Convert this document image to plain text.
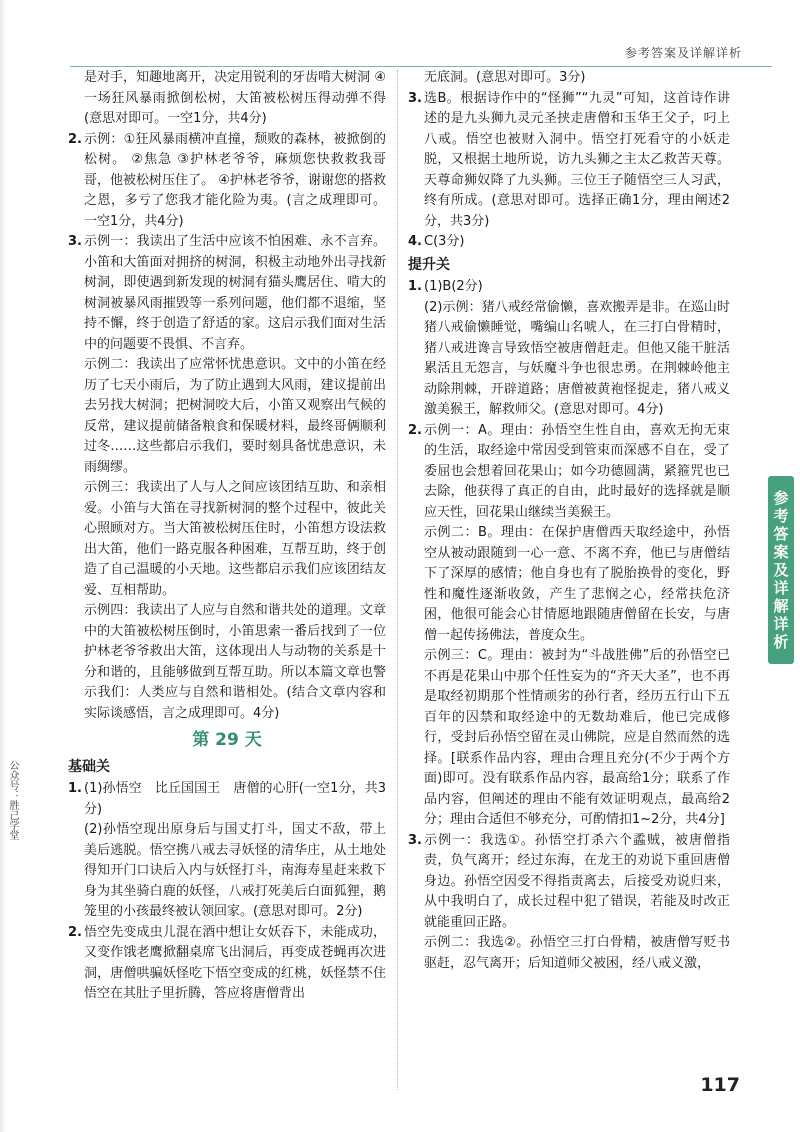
参考答案及详解详析
参
考
答
案
及
详
解
详
析
公众号：胜己学堂

是对手，知趣地离开，决定用锐利的牙齿啃大树洞 ④一场狂风暴雨掀倒松树，大笛被松树压得动弹不得(意思对即可。一空1分，共4分)

2. 示例：①狂风暴雨横冲直撞，颓败的森林，被掀倒的松树。 ②焦急 ③护林老爷爷，麻烦您快救救我哥哥，他被松树压住了。 ④护林老爷爷，谢谢您的搭救之恩，多亏了您我才能化险为夷。(言之成理即可。一空1分，共4分)

3. 示例一：我读出了生活中应该不怕困难、永不言弃。小笛和大笛面对拥挤的树洞，积极主动地外出寻找新树洞，即使遇到新发现的树洞有猫头鹰居住、啃大的树洞被暴风雨摧毁等一系列问题，他们都不退缩，坚持不懈，终于创造了舒适的家。这启示我们面对生活中的问题要不畏惧、不言弃。

示例二：我读出了应常怀忧患意识。文中的小笛在经历了七天小雨后，为了防止遇到大风雨，建议提前出去另找大树洞；把树洞咬大后，小笛又观察出气候的反常，建议提前储备粮食和保暖材料，最终哥俩顺利过冬……这些都启示我们，要时刻具备忧患意识，未雨绸缪。

示例三：我读出了人与人之间应该团结互助、和亲相爱。小笛与大笛在寻找新树洞的整个过程中，彼此关心照顾对方。当大笛被松树压住时，小笛想方设法救出大笛，他们一路克服各种困难，互帮互助，终于创造了自己温暖的小天地。这些都启示我们应该团结友爱、互相帮助。

示例四：我读出了人应与自然和谐共处的道理。文章中的大笛被松树压倒时，小笛思索一番后找到了一位护林老爷爷救出大笛，这体现出人与动物的关系是十分和谐的，且能够做到互帮互助。所以本篇文章也警示我们：人类应与自然和谐相处。(结合文章内容和实际谈感悟，言之成理即可。4分)

第 29 天
基础关
1. (1)孙悟空　比丘国国王　唐僧的心肝(一空1分，共3分)

(2)孙悟空现出原身后与国丈打斗，国丈不敌，带上美后逃脱。悟空携八戒去寻妖怪的清华庄，从土地处得知开门口诀后入内与妖怪打斗，南海寿星赶来救下身为其坐骑白鹿的妖怪，八戒打死美后白面狐狸，鹅笼里的小孩最终被认领回家。(意思对即可。2分)

2. 悟空先变成虫儿混在酒中想让女妖吞下，未能成功，又变作饿老鹰掀翻桌席飞出洞后，再变成苍蝇再次进洞，唐僧哄骗妖怪吃下悟空变成的红桃，妖怪禁不住悟空在其肚子里折腾，答应将唐僧背出

无底洞。(意思对即可。3分)

3. 选B。根据诗作中的“怪狮”“九灵”可知，这首诗作讲述的是九头狮九灵元圣挟走唐僧和玉华王父子，叼上八戒。悟空也被财入洞中。悟空打死看守的小妖走脱，又根据土地所说，访九头狮之主太乙救苦天尊。天尊命狮奴降了九头狮。三位王子随悟空三人习武，终有所成。(意思对即可。选择正确1分，理由阐述2分，共3分)

4. C(3分)

提升关
1. (1)B(2分)

(2)示例：猪八戒经常偷懒，喜欢搬弄是非。在巡山时猪八戒偷懒睡觉，嘴编山名唬人，在三打白骨精时，猪八戒进谗言导致悟空被唐僧赶走。但他又能干脏活累活且无怨言，与妖魔斗争也很忠勇。在荆棘岭他主动除荆棘，开辟道路；唐僧被黄袍怪捉走，猪八戒义激美猴王，解救师父。(意思对即可。4分)

2. 示例一：A。理由：孙悟空生性自由，喜欢无拘无束的生活，取经途中常因受到管束而深感不自在，受了委屈也会想着回花果山；如今功德圆满，紧箍咒也已去除，他获得了真正的自由，此时最好的选择就是顺应天性，回花果山继续当美猴王。

示例二：B。理由：在保护唐僧西天取经途中，孙悟空从被动跟随到一心一意、不离不弃，他已与唐僧结下了深厚的感情；他自身也有了脱胎换骨的变化，野性和魔性逐渐收敛，产生了悲悯之心，经常扶危济困，他很可能会心甘情愿地跟随唐僧留在长安，与唐僧一起传扬佛法，普度众生。

示例三：C。理由：被封为“斗战胜佛”后的孙悟空已不再是花果山中那个任性妄为的“齐天大圣”，也不再是取经初期那个性情顽劣的孙行者，经历五行山下五百年的囚禁和取经途中的无数劫难后，他已完成修行，受封后孙悟空留在灵山佛院，应是自然而然的选择。[联系作品内容，理由合理且充分(不少于两个方面)即可。没有联系作品内容，最高给1分；联系了作品内容，但阐述的理由不能有效证明观点，最高给2分；理由合适但不够充分，可酌情扣1~2分，共4分]

3. 示例一：我选①。孙悟空打杀六个蟊贼，被唐僧指责，负气离开；经过东海，在龙王的劝说下重回唐僧身边。孙悟空因受不得指责离去，后接受劝说归来，从中我明白了，成长过程中犯了错误，若能及时改正就能重回正路。

示例二：我选②。孙悟空三打白骨精，被唐僧写贬书驱赶，忍气离开；后知道师父被困，经八戒义激，

117
